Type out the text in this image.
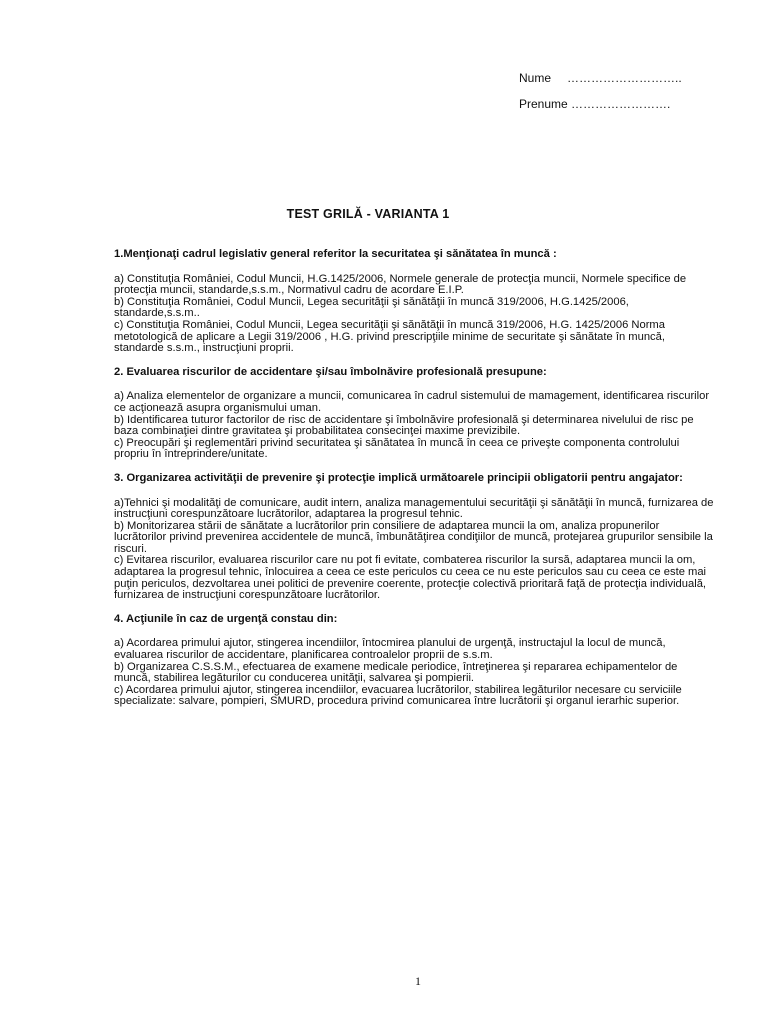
Nume ………………………..
Prenume …………………….
TEST GRILĂ - VARIANTA 1

1.Menţionaţi cadrul legislativ general referitor la securitatea şi sănătatea în muncă :

a) Constituţia României, Codul Muncii, H.G.1425/2006, Normele generale de protecţia muncii, Normele specifice de protecţia muncii, standarde,s.s.m., Normativul cadru de acordare E.I.P.

b) Constituţia României, Codul Muncii, Legea securităţii şi sănătăţii în muncă 319/2006, H.G.1425/2006, standarde,s.s.m..

c) Constituţia României, Codul Muncii, Legea securităţii şi sănătăţii în muncă 319/2006, H.G. 1425/2006 Norma metotologică de aplicare a Legii 319/2006 , H.G. privind prescripţiile minime de securitate şi sănătate în muncă, standarde s.s.m., instrucţiuni proprii.

2. Evaluarea riscurilor de accidentare şi/sau îmbolnăvire profesională presupune:

a) Analiza elementelor de organizare a muncii, comunicarea în cadrul sistemului de mamagement, identificarea riscurilor ce acţionează asupra organismului uman.

b) Identificarea tuturor factorilor de risc de accidentare şi îmbolnăvire profesională şi determinarea nivelului de risc pe baza combinaţiei dintre gravitatea şi probabilitatea consecinţei maxime previzibile.

c) Preocupări şi reglementări privind securitatea şi sănătatea în muncă în ceea ce priveşte componenta controlului propriu în întreprindere/unitate.

3. Organizarea activităţii de prevenire şi protecţie implică următoarele principii obligatorii pentru angajator:

a)Tehnici şi modalităţi de comunicare, audit intern, analiza managementului securităţii şi sănătăţii în muncă, furnizarea de instrucţiuni corespunzătoare lucrătorilor, adaptarea la progresul tehnic.

b) Monitorizarea stării de sănătate a lucrătorilor prin consiliere de adaptarea muncii la om, analiza propunerilor lucrătorilor privind prevenirea accidentele de muncă, îmbunătăţirea condiţiilor de muncă, protejarea grupurilor sensibile la riscuri.

c) Evitarea riscurilor, evaluarea riscurilor care nu pot fi evitate, combaterea riscurilor la sursă, adaptarea muncii la om, adaptarea la progresul tehnic, înlocuirea a ceea ce este periculos cu ceea ce nu este periculos sau cu ceea ce este mai puţin periculos, dezvoltarea unei politici de prevenire coerente, protecţie colectivă prioritară faţă de protecţia individuală, furnizarea de instrucţiuni corespunzătoare lucrătorilor.

4. Acţiunile în caz de urgenţă constau din:

a) Acordarea primului ajutor, stingerea incendiilor, întocmirea planului de urgenţă, instructajul la locul de muncă, evaluarea riscurilor de accidentare, planificarea controalelor proprii de s.s.m.

b) Organizarea C.S.S.M., efectuarea de examene medicale periodice, întreţinerea şi repararea echipamentelor de muncă, stabilirea legăturilor cu conducerea unităţii, salvarea şi pompierii.

c) Acordarea primului ajutor, stingerea incendiilor, evacuarea lucrătorilor, stabilirea legăturilor necesare cu serviciile specializate: salvare, pompieri, SMURD, procedura privind comunicarea între lucrătorii şi organul ierarhic superior.

1
